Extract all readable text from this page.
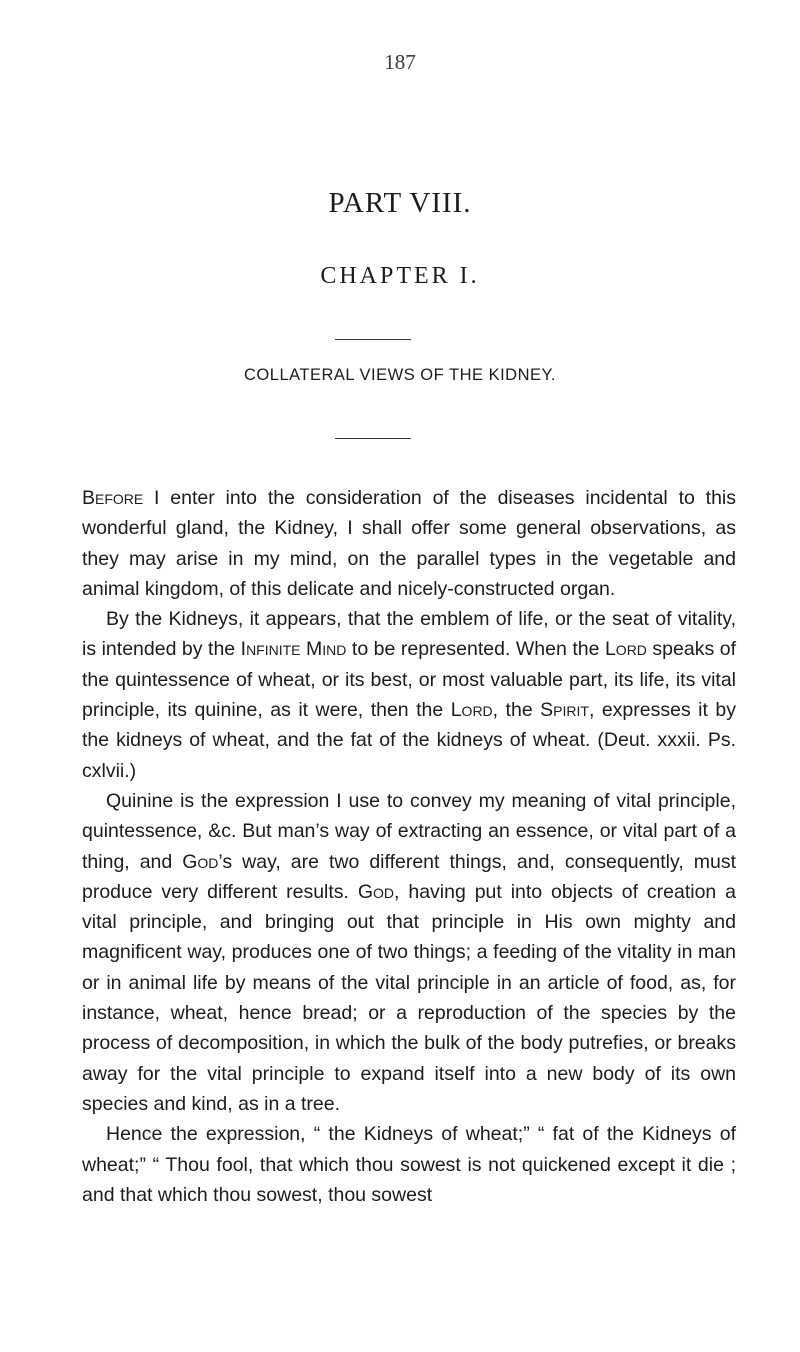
187
PART VIII.
CHAPTER I.
COLLATERAL VIEWS OF THE KIDNEY.

Before I enter into the consideration of the diseases incidental to this wonderful gland, the Kidney, I shall offer some general observations, as they may arise in my mind, on the parallel types in the vegetable and animal kingdom, of this delicate and nicely-constructed organ.

By the Kidneys, it appears, that the emblem of life, or the seat of vitality, is intended by the Infinite Mind to be represented. When the Lord speaks of the quintessence of wheat, or its best, or most valuable part, its life, its vital principle, its quinine, as it were, then the Lord, the Spirit, expresses it by the kidneys of wheat, and the fat of the kidneys of wheat. (Deut. xxxii. Ps. cxlvii.)

Quinine is the expression I use to convey my meaning of vital principle, quintessence, &c. But man’s way of extracting an essence, or vital part of a thing, and God’s way, are two different things, and, consequently, must produce very different results. God, having put into objects of creation a vital principle, and bringing out that principle in His own mighty and magnificent way, produces one of two things; a feeding of the vitality in man or in animal life by means of the vital principle in an article of food, as, for instance, wheat, hence bread; or a reproduction of the species by the process of decomposition, in which the bulk of the body putrefies, or breaks away for the vital principle to expand itself into a new body of its own species and kind, as in a tree.

Hence the expression, “ the Kidneys of wheat;” “ fat of the Kidneys of wheat;” “ Thou fool, that which thou sowest is not quickened except it die ; and that which thou sowest, thou sowest
